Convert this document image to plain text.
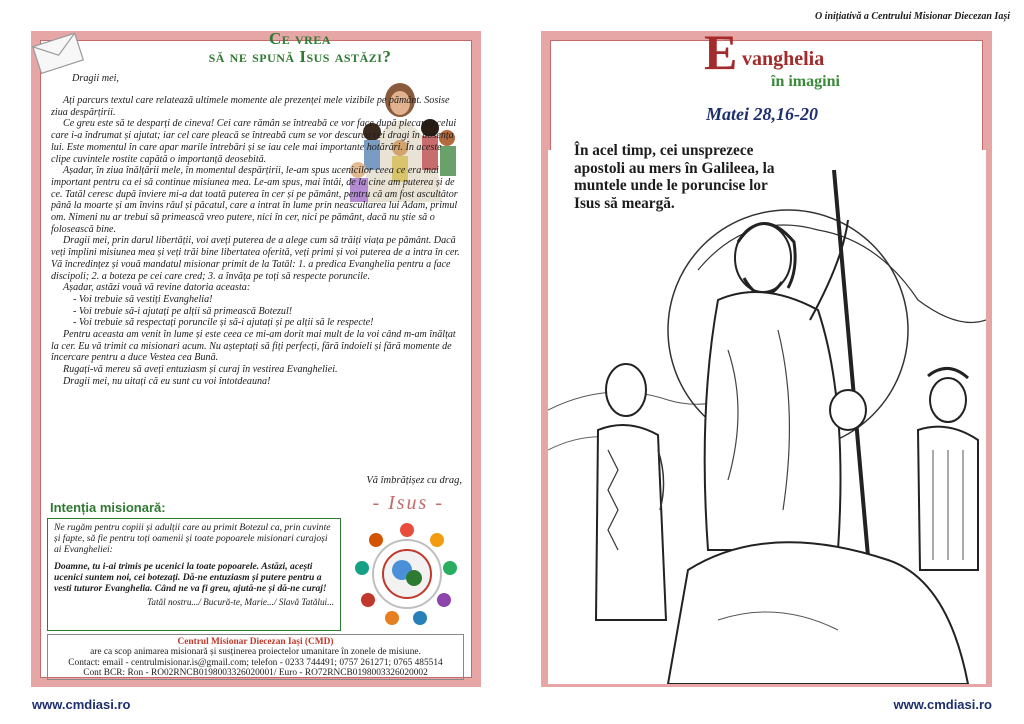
O inițiativă a Centrului Misionar Diecezan Iași
Ce vrea
să ne spună Isus astăzi?
Dragii mei,

Ați parcurs textul care relatează ultimele momente ale prezenței mele vizibile pe pământ. Sosise ziua despărțirii.

Ce greu este să te desparți de cineva! Cei care rămân se întreabă ce vor face după plecarea celui care i-a îndrumat și ajutat; iar cel care pleacă se întreabă cum se vor descurca cei dragi în absența lui. Este momentul în care apar marile întrebări și se iau cele mai importante hotărâri. În aceste clipe cuvintele rostite capătă o importanță deosebită.

Așadar, în ziua înălțării mele, în momentul despărțirii, le-am spus ucenicilor ceea ce era mai important pentru ca ei să continue misiunea mea. Le-am spus, mai întâi, de la cine am puterea și de ce. Tatăl ceresc după înviere mi-a dat toată puterea în cer și pe pământ, pentru că am fost ascultător până la moarte și am învins răul și păcatul, care a intrat în lume prin neascultarea lui Adam, primul om. Nimeni nu ar trebui să primească vreo putere, nici în cer, nici pe pământ, dacă nu știe să o folosească bine.

Dragii mei, prin darul libertății, voi aveți puterea de a alege cum să trăiți viața pe pământ. Dacă veți împlini misiunea mea și veți trăi bine libertatea oferită, veți primi și voi puterea de a intra în cer. Vă încredințez și vouă mandatul misionar primit de la Tatăl: 1. a predica Evanghelia pentru a face discipoli; 2. a boteza pe cei care cred; 3. a învăța pe toți să respecte poruncile.

Așadar, astăzi vouă vă revine datoria aceasta:

- Voi trebuie să vestiți Evanghelia!

- Voi trebuie să-i ajutați pe alții să primească Botezul!

- Voi trebuie să respectați poruncile și să-i ajutați și pe alții să le respecte!

Pentru aceasta am venit în lume și este ceea ce mi-am dorit mai mult de la voi când m-am înălțat la cer. Eu vă trimit ca misionari acum. Nu așteptați să fiți perfecți, fără îndoieli și fără momente de încercare pentru a duce Vestea cea Bună.

Rugați-vă mereu să aveți entuziasm și curaj în vestirea Evangheliei.

Dragii mei, nu uitați că eu sunt cu voi întotdeauna!

Vă îmbrățișez cu drag,
- Isus -
Intenția misionară:
Ne rugăm pentru copiii și adulții care au primit Botezul ca, prin cuvinte și fapte, să fie pentru toți oamenii și toate popoarele misionari curajoși ai Evangheliei:
Doamne, tu i-ai trimis pe ucenici la toate popoarele. Astăzi, acești ucenici suntem noi, cei botezați. Dă-ne entuziasm și putere pentru a vesti tuturor Evanghelia. Când ne va fi greu, ajută-ne și dă-ne curaj!
Tatăl nostru.../ Bucură-te, Marie.../ Slavă Tatălui...
Centrul Misionar Diecezan Iași (CMD)
are ca scop animarea misionară și susținerea proiectelor umanitare în zonele de misiune.
Contact: email - centrulmisionar.is@gmail.com; telefon - 0233 744491; 0757 261271; 0765 485514
Cont BCR: Ron - RO02RNCB0198003326020001/ Euro - RO72RNCB0198003326020002
www.cmdiasi.ro
E vanghelia
în imagini
Matei 28,16-20
În acel timp, cei unsprezece
apostoli au mers în Galileea, la
muntele unde le poruncise lor
Isus să meargă.
www.cmdiasi.ro
